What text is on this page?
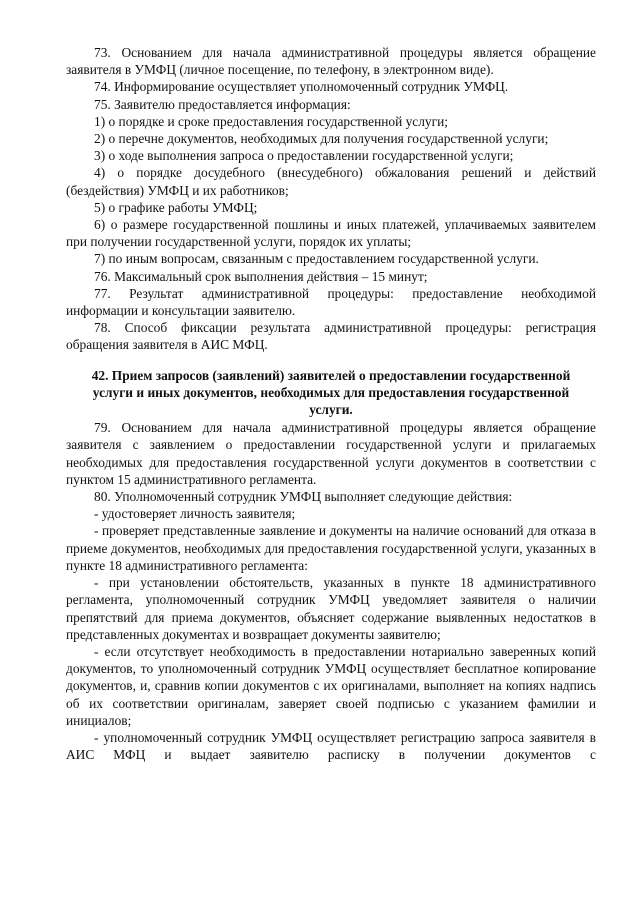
73. Основанием для начала административной процедуры является обращение заявителя в УМФЦ (личное посещение, по телефону, в электронном виде).

74. Информирование осуществляет уполномоченный сотрудник УМФЦ.

75. Заявителю предоставляется информация:

1) о порядке и сроке предоставления государственной услуги;

2) о перечне документов, необходимых для получения государственной услуги;

3) о ходе выполнения запроса о предоставлении государственной услуги;

4) о порядке досудебного (внесудебного) обжалования решений и действий (бездействия) УМФЦ и их работников;

5) о графике работы УМФЦ;

6) о размере государственной пошлины и иных платежей, уплачиваемых заявителем при получении государственной услуги, порядок их уплаты;

7) по иным вопросам, связанным с предоставлением государственной услуги.

76. Максимальный срок выполнения действия – 15 минут;

77. Результат административной процедуры: предоставление необходимой информации и консультации заявителю.

78. Способ фиксации результата административной процедуры: регистрация обращения заявителя в АИС МФЦ.

42. Прием запросов (заявлений) заявителей о предоставлении государственной услуги и иных документов, необходимых для предоставления государственной услуги.

79. Основанием для начала административной процедуры является обращение заявителя с заявлением о предоставлении государственной услуги и прилагаемых необходимых для предоставления государственной услуги документов в соответствии с пунктом 15 административного регламента.

80. Уполномоченный сотрудник УМФЦ выполняет следующие действия:

- удостоверяет личность заявителя;

- проверяет представленные заявление и документы на наличие оснований для отказа в приеме документов, необходимых для предоставления государственной услуги, указанных в пункте 18 административного регламента:

- при установлении обстоятельств, указанных в пункте 18 административного регламента, уполномоченный сотрудник УМФЦ уведомляет заявителя о наличии препятствий для приема документов, объясняет содержание выявленных недостатков в представленных документах и возвращает документы заявителю;

- если отсутствует необходимость в предоставлении нотариально заверенных копий документов, то уполномоченный сотрудник УМФЦ осуществляет бесплатное копирование документов, и, сравнив копии документов с их оригиналами, выполняет на копиях надпись об их соответствии оригиналам, заверяет своей подписью с указанием фамилии и инициалов;

- уполномоченный сотрудник УМФЦ осуществляет регистрацию запроса заявителя в АИС МФЦ и выдает заявителю расписку в получении документов с
